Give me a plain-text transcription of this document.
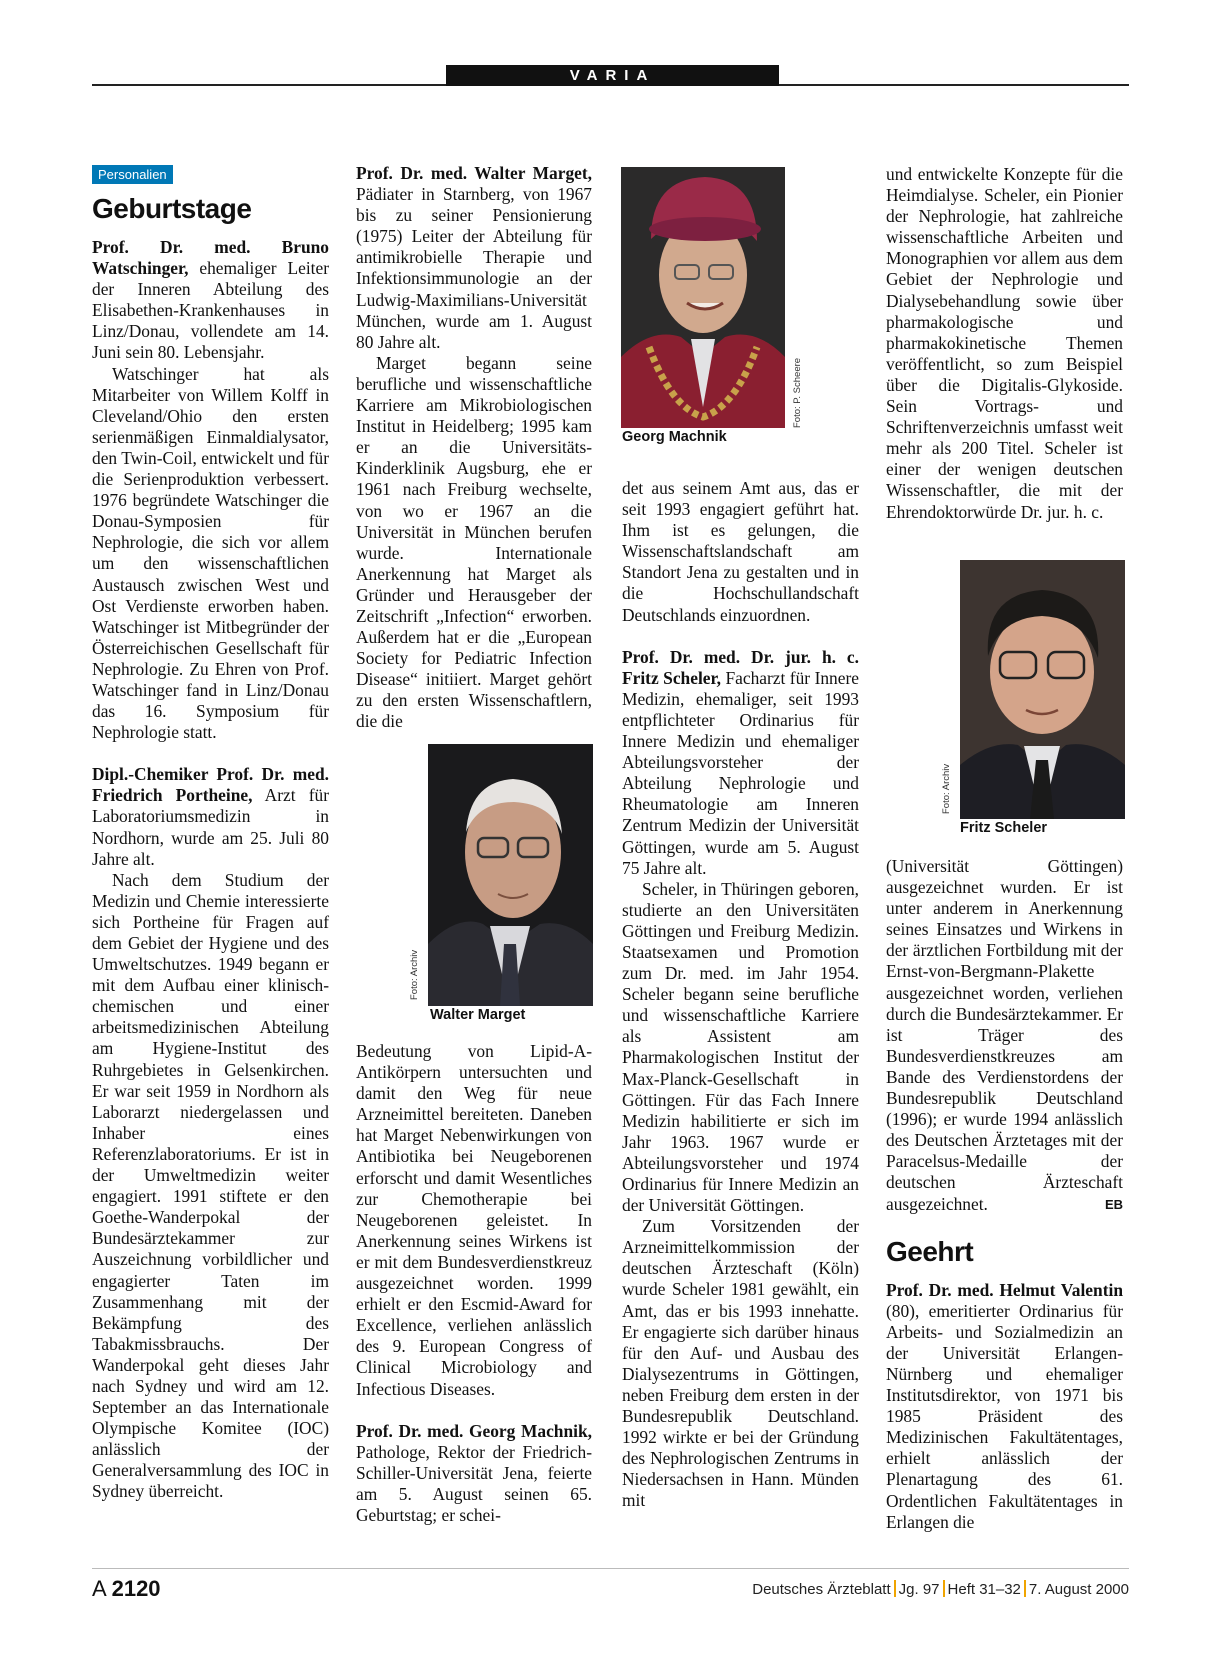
VARIA
Personalien
Geburtstage

Prof. Dr. med. Bruno Watschinger, ehemaliger Leiter der Inneren Abteilung des Elisabethen-Krankenhauses in Linz/Donau, vollendete am 14. Juni sein 80. Lebensjahr.

Watschinger hat als Mitarbeiter von Willem Kolff in Cleveland/Ohio den ersten serienmäßigen Einmaldialysator, den Twin-Coil, entwickelt und für die Serienproduktion verbessert. 1976 begründete Watschinger die Donau-Symposien für Nephrologie, die sich vor allem um den wissenschaftlichen Austausch zwischen West und Ost Verdienste erworben haben. Watschinger ist Mitbegründer der Österreichischen Gesellschaft für Nephrologie. Zu Ehren von Prof. Watschinger fand in Linz/Donau das 16. Symposium für Nephrologie statt.

Dipl.-Chemiker Prof. Dr. med. Friedrich Portheine, Arzt für Laboratoriumsmedizin in Nordhorn, wurde am 25. Juli 80 Jahre alt.

Nach dem Studium der Medizin und Chemie interessierte sich Portheine für Fragen auf dem Gebiet der Hygiene und des Umweltschutzes. 1949 begann er mit dem Aufbau einer klinisch-chemischen und einer arbeitsmedizinischen Abteilung am Hygiene-Institut des Ruhrgebietes in Gelsenkirchen. Er war seit 1959 in Nordhorn als Laborarzt niedergelassen und Inhaber eines Referenzlaboratoriums. Er ist in der Umweltmedizin weiter engagiert. 1991 stiftete er den Goethe-Wanderpokal der Bundesärztekammer zur Auszeichnung vorbildlicher und engagierter Taten im Zusammenhang mit der Bekämpfung des Tabakmissbrauchs. Der Wanderpokal geht dieses Jahr nach Sydney und wird am 12. September an das Internationale Olympische Komitee (IOC) anlässlich der Generalversammlung des IOC in Sydney überreicht.

Prof. Dr. med. Walter Marget, Pädiater in Starnberg, von 1967 bis zu seiner Pensionierung (1975) Leiter der Abteilung für antimikrobielle Therapie und Infektionsimmunologie an der Ludwig-Maximilians-Universität München, wurde am 1. August 80 Jahre alt.

Marget begann seine berufliche und wissenschaftliche Karriere am Mikrobiologischen Institut in Heidelberg; 1995 kam er an die Universitäts-Kinderklinik Augsburg, ehe er 1961 nach Freiburg wechselte, von wo er 1967 an die Universität in München berufen wurde. Internationale Anerkennung hat Marget als Gründer und Herausgeber der Zeitschrift „Infection“ erworben. Außerdem hat er die „European Society for Pediatric Infection Disease“ initiiert. Marget gehört zu den ersten Wissenschaftlern, die die

Foto: Archiv
Walter Marget

Bedeutung von Lipid-A-Antikörpern untersuchten und damit den Weg für neue Arzneimittel bereiteten. Daneben hat Marget Nebenwirkungen von Antibiotika bei Neugeborenen erforscht und damit Wesentliches zur Chemotherapie bei Neugeborenen geleistet. In Anerkennung seines Wirkens ist er mit dem Bundesverdienstkreuz ausgezeichnet worden. 1999 erhielt er den Escmid-Award for Excellence, verliehen anlässlich des 9. European Congress of Clinical Microbiology and Infectious Diseases.

Prof. Dr. med. Georg Machnik, Pathologe, Rektor der Friedrich-Schiller-Universität Jena, feierte am 5. August seinen 65. Geburtstag; er schei-

Foto: P. Scheere
Georg Machnik

det aus seinem Amt aus, das er seit 1993 engagiert geführt hat. Ihm ist es gelungen, die Wissenschaftslandschaft am Standort Jena zu gestalten und in die Hochschullandschaft Deutschlands einzuordnen.

Prof. Dr. med. Dr. jur. h. c. Fritz Scheler, Facharzt für Innere Medizin, ehemaliger, seit 1993 entpflichteter Ordinarius für Innere Medizin und ehemaliger Abteilungsvorsteher der Abteilung Nephrologie und Rheumatologie am Inneren Zentrum Medizin der Universität Göttingen, wurde am 5. August 75 Jahre alt.

Scheler, in Thüringen geboren, studierte an den Universitäten Göttingen und Freiburg Medizin. Staatsexamen und Promotion zum Dr. med. im Jahr 1954. Scheler begann seine berufliche und wissenschaftliche Karriere als Assistent am Pharmakologischen Institut der Max-Planck-Gesellschaft in Göttingen. Für das Fach Innere Medizin habilitierte er sich im Jahr 1963. 1967 wurde er Abteilungsvorsteher und 1974 Ordinarius für Innere Medizin an der Universität Göttingen.

Zum Vorsitzenden der Arzneimittelkommission der deutschen Ärzteschaft (Köln) wurde Scheler 1981 gewählt, ein Amt, das er bis 1993 innehatte. Er engagierte sich darüber hinaus für den Auf- und Ausbau des Dialysezentrums in Göttingen, neben Freiburg dem ersten in der Bundesrepublik Deutschland. 1992 wirkte er bei der Gründung des Nephrologischen Zentrums in Niedersachsen in Hann. Münden mit

und entwickelte Konzepte für die Heimdialyse. Scheler, ein Pionier der Nephrologie, hat zahlreiche wissenschaftliche Arbeiten und Monographien vor allem aus dem Gebiet der Nephrologie und Dialysebehandlung sowie über pharmakologische und pharmakokinetische Themen veröffentlicht, so zum Beispiel über die Digitalis-Glykoside. Sein Vortrags- und Schriftenverzeichnis umfasst weit mehr als 200 Titel. Scheler ist einer der wenigen deutschen Wissenschaftler, die mit der Ehrendoktorwürde Dr. jur. h. c.

Foto: Archiv
Fritz Scheler

(Universität Göttingen) ausgezeichnet wurden. Er ist unter anderem in Anerkennung seines Einsatzes und Wirkens in der ärztlichen Fortbildung mit der Ernst-von-Bergmann-Plakette ausgezeichnet worden, verliehen durch die Bundesärztekammer. Er ist Träger des Bundesverdienstkreuzes am Bande des Verdienstordens der Bundesrepublik Deutschland (1996); er wurde 1994 anlässlich des Deutschen Ärztetages mit der Paracelsus-Medaille der deutschen Ärzteschaft ausgezeichnet.	EB

Geehrt

Prof. Dr. med. Helmut Valentin (80), emeritierter Ordinarius für Arbeits- und Sozialmedizin an der Universität Erlangen-Nürnberg und ehemaliger Institutsdirektor, von 1971 bis 1985 Präsident des Medizinischen Fakultätentages, erhielt anlässlich der Plenartagung des 61. Ordentlichen Fakultätentages in Erlangen die

A 2120	Deutsches Ärzteblatt Jg. 97 Heft 31–32 7. August 2000
